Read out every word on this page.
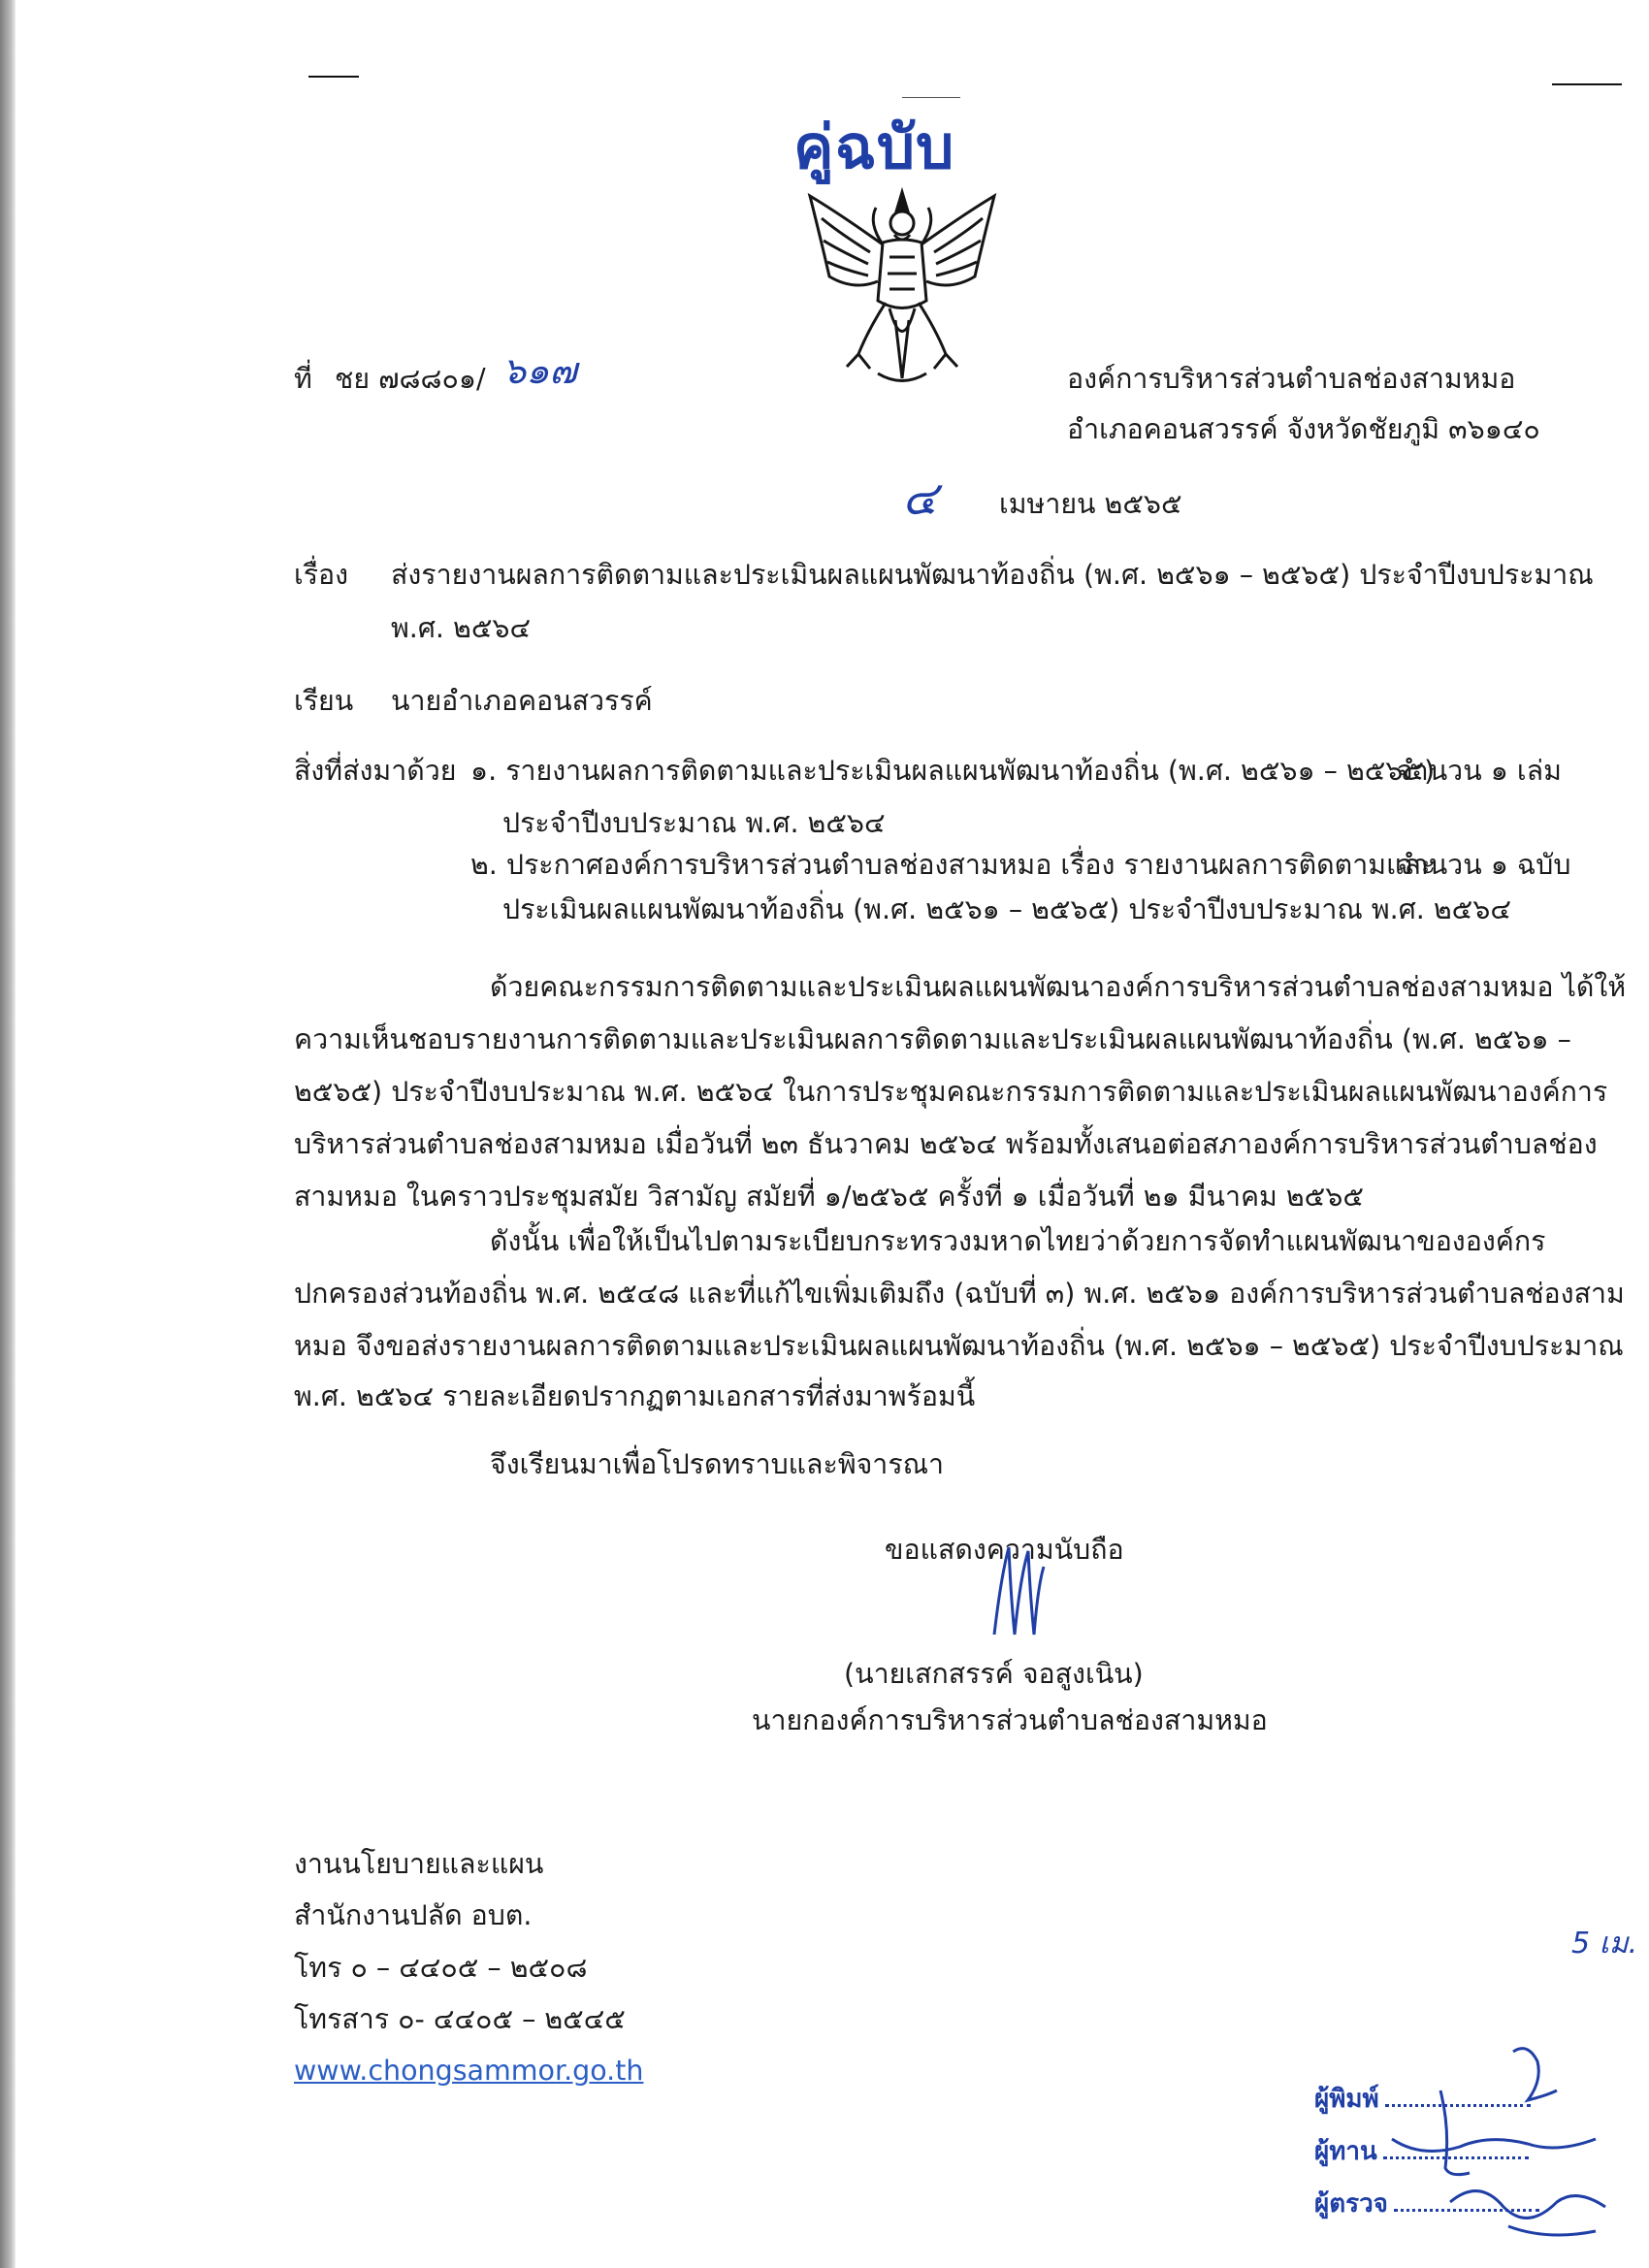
คู่ฉบับ
ที่ ชย ๗๘๘๐๑/ ๖๑๗	องค์การบริหารส่วนตำบลช่องสามหมอ
อำเภอคอนสวรรค์ จังหวัดชัยภูมิ ๓๖๑๔๐
๔ เมษายน ๒๕๖๕
เรื่อง ส่งรายงานผลการติดตามและประเมินผลแผนพัฒนาท้องถิ่น (พ.ศ. ๒๕๖๑ – ๒๕๖๕) ประจำปีงบประมาณ
พ.ศ. ๒๕๖๔
เรียน นายอำเภอคอนสวรรค์
สิ่งที่ส่งมาด้วย ๑. รายงานผลการติดตามและประเมินผลแผนพัฒนาท้องถิ่น (พ.ศ. ๒๕๖๑ – ๒๕๖๕)
จำนวน ๑ เล่ม
ประจำปีงบประมาณ พ.ศ. ๒๕๖๔
๒. ประกาศองค์การบริหารส่วนตำบลช่องสามหมอ เรื่อง รายงานผลการติดตามและ
จำนวน ๑ ฉบับ
ประเมินผลแผนพัฒนาท้องถิ่น (พ.ศ. ๒๕๖๑ – ๒๕๖๕) ประจำปีงบประมาณ พ.ศ. ๒๕๖๔
ด้วยคณะกรรมการติดตามและประเมินผลแผนพัฒนาองค์การบริหารส่วนตำบลช่องสามหมอ ได้ให้
ความเห็นชอบรายงานการติดตามและประเมินผลการติดตามและประเมินผลแผนพัฒนาท้องถิ่น (พ.ศ. ๒๕๖๑ –
๒๕๖๕) ประจำปีงบประมาณ พ.ศ. ๒๕๖๔ ในการประชุมคณะกรรมการติดตามและประเมินผลแผนพัฒนาองค์การ
บริหารส่วนตำบลช่องสามหมอ เมื่อวันที่ ๒๓ ธันวาคม ๒๕๖๔ พร้อมทั้งเสนอต่อสภาองค์การบริหารส่วนตำบลช่อง
สามหมอ ในคราวประชุมสมัย วิสามัญ สมัยที่ ๑/๒๕๖๕ ครั้งที่ ๑ เมื่อวันที่ ๒๑ มีนาคม ๒๕๖๕
ดังนั้น เพื่อให้เป็นไปตามระเบียบกระทรวงมหาดไทยว่าด้วยการจัดทำแผนพัฒนาขององค์กร
ปกครองส่วนท้องถิ่น พ.ศ. ๒๕๔๘ และที่แก้ไขเพิ่มเติมถึง (ฉบับที่ ๓) พ.ศ. ๒๕๖๑ องค์การบริหารส่วนตำบลช่องสาม
หมอ จึงขอส่งรายงานผลการติดตามและประเมินผลแผนพัฒนาท้องถิ่น (พ.ศ. ๒๕๖๑ – ๒๕๖๕) ประจำปีงบประมาณ
พ.ศ. ๒๕๖๔ รายละเอียดปรากฏตามเอกสารที่ส่งมาพร้อมนี้
จึงเรียนมาเพื่อโปรดทราบและพิจารณา
ขอแสดงความนับถือ
(นายเสกสรรค์ จอสูงเนิน)
นายกองค์การบริหารส่วนตำบลช่องสามหมอ
งานนโยบายและแผน
สำนักงานปลัด อบต.
โทร ๐ – ๔๔๐๕ – ๒๕๐๘
โทรสาร ๐- ๔๔๐๕ – ๒๕๔๕
www.chongsammor.go.th
5 เม.
ผู้พิมพ์
ผู้ทาน
ผู้ตรวจ
